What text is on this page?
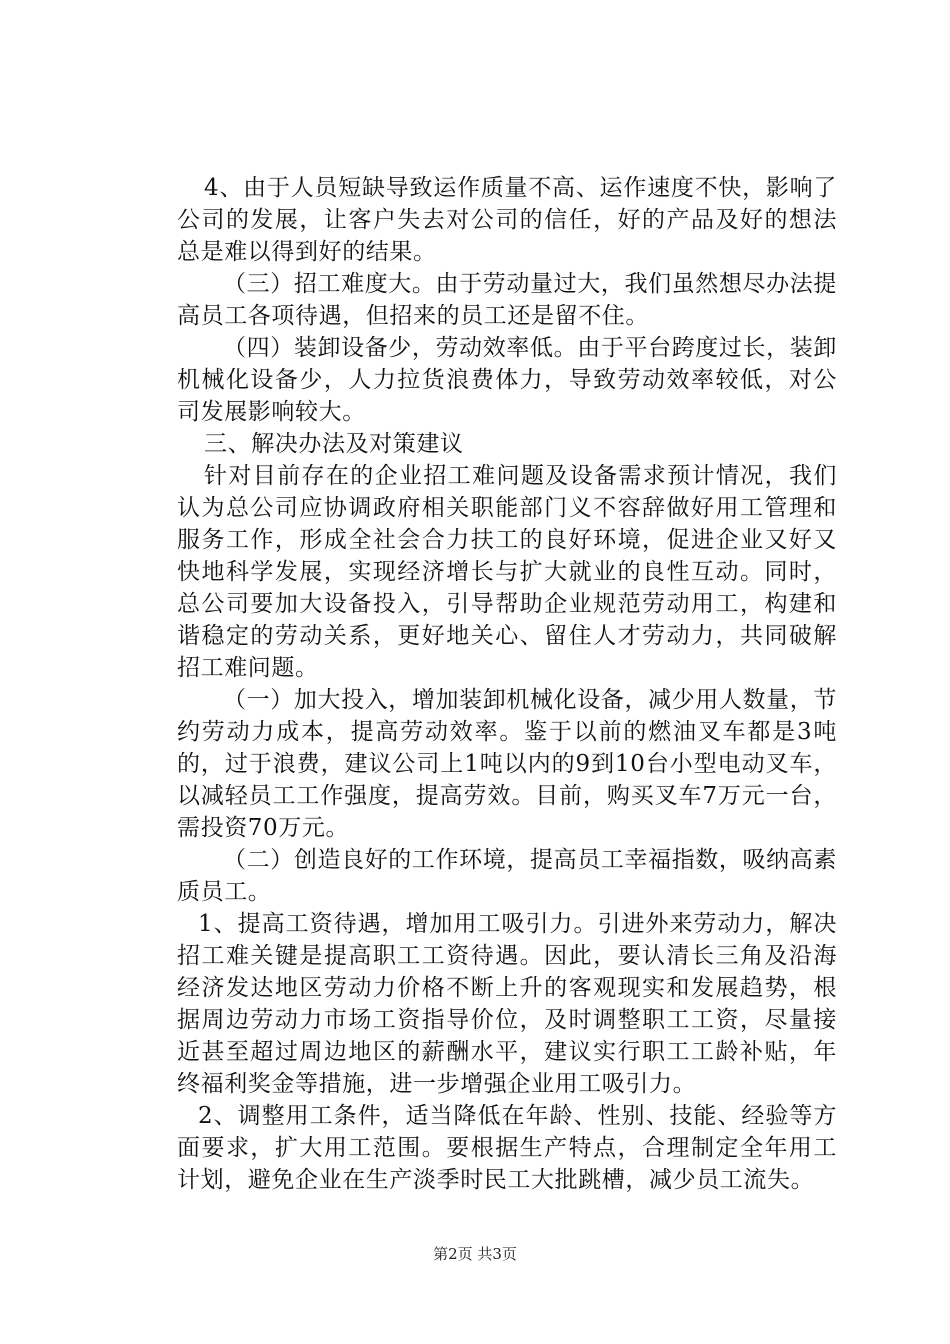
4、由于人员短缺导致运作质量不高、运作速度不快，影响了公司的发展，让客户失去对公司的信任，好的产品及好的想法总是难以得到好的结果。

（三）招工难度大。由于劳动量过大，我们虽然想尽办法提高员工各项待遇，但招来的员工还是留不住。

（四）装卸设备少，劳动效率低。由于平台跨度过长，装卸机械化设备少，人力拉货浪费体力，导致劳动效率较低，对公司发展影响较大。

三、解决办法及对策建议

针对目前存在的企业招工难问题及设备需求预计情况，我们认为总公司应协调政府相关职能部门义不容辞做好用工管理和服务工作，形成全社会合力扶工的良好环境，促进企业又好又快地科学发展，实现经济增长与扩大就业的良性互动。同时，总公司要加大设备投入，引导帮助企业规范劳动用工，构建和谐稳定的劳动关系，更好地关心、留住人才劳动力，共同破解招工难问题。

（一）加大投入，增加装卸机械化设备，减少用人数量，节约劳动力成本，提高劳动效率。鉴于以前的燃油叉车都是3吨的，过于浪费，建议公司上1吨以内的9到10台小型电动叉车，以减轻员工工作强度，提高劳效。目前，购买叉车7万元一台，需投资70万元。

（二）创造良好的工作环境，提高员工幸福指数，吸纳高素质员工。

1、提高工资待遇，增加用工吸引力。引进外来劳动力，解决招工难关键是提高职工工资待遇。因此，要认清长三角及沿海经济发达地区劳动力价格不断上升的客观现实和发展趋势，根据周边劳动力市场工资指导价位，及时调整职工工资，尽量接近甚至超过周边地区的薪酬水平，建议实行职工工龄补贴，年终福利奖金等措施，进一步增强企业用工吸引力。

2、调整用工条件，适当降低在年龄、性别、技能、经验等方面要求，扩大用工范围。要根据生产特点，合理制定全年用工计划，避免企业在生产淡季时民工大批跳槽，减少员工流失。

第2页 共3页
